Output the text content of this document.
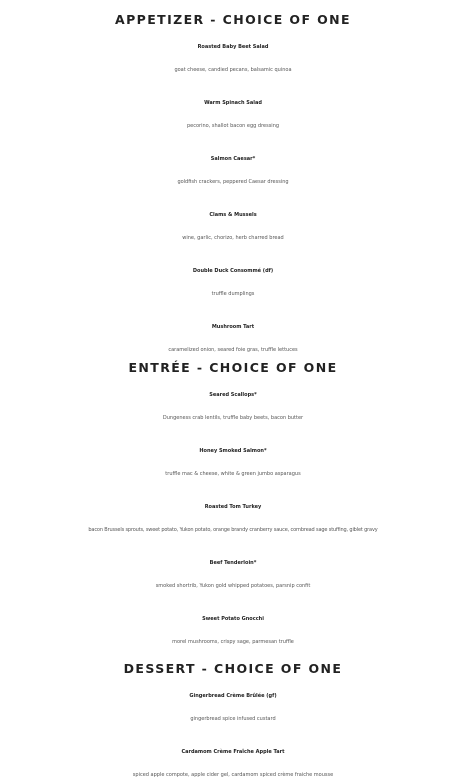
APPETIZER - CHOICE OF ONE
Roasted Baby Beet Salad
goat cheese, candied pecans, balsamic quinoa
Warm Spinach Salad
pecorino, shallot bacon egg dressing
Salmon Caesar*
goldfish crackers, peppered Caesar dressing
Clams & Mussels
wine, garlic, chorizo, herb charred bread
Double Duck Consommé (df)
truffle dumplings
Mushroom Tart
caramelized onion, seared foie gras, truffle lettuces
ENTRÉE - CHOICE OF ONE
Seared Scallops*
Dungeness crab lentils, truffle baby beets, bacon butter
Honey Smoked Salmon*
truffle mac & cheese, white & green jumbo asparagus
Roasted Tom Turkey
bacon Brussels sprouts, sweet potato, Yukon potato, orange brandy cranberry sauce, cornbread sage stuffing, giblet gravy
Beef Tenderloin*
smoked shortrib, Yukon gold whipped potatoes, parsnip confit
Sweet Potato Gnocchi
morel mushrooms, crispy sage, parmesan truffle
DESSERT - CHOICE OF ONE
Gingerbread Crème Brûlée (gf)
gingerbread spice infused custard
Cardamom Crème Fraîche Apple Tart
spiced apple compote, apple cider gel, cardamom spiced crème fraiche mousse
